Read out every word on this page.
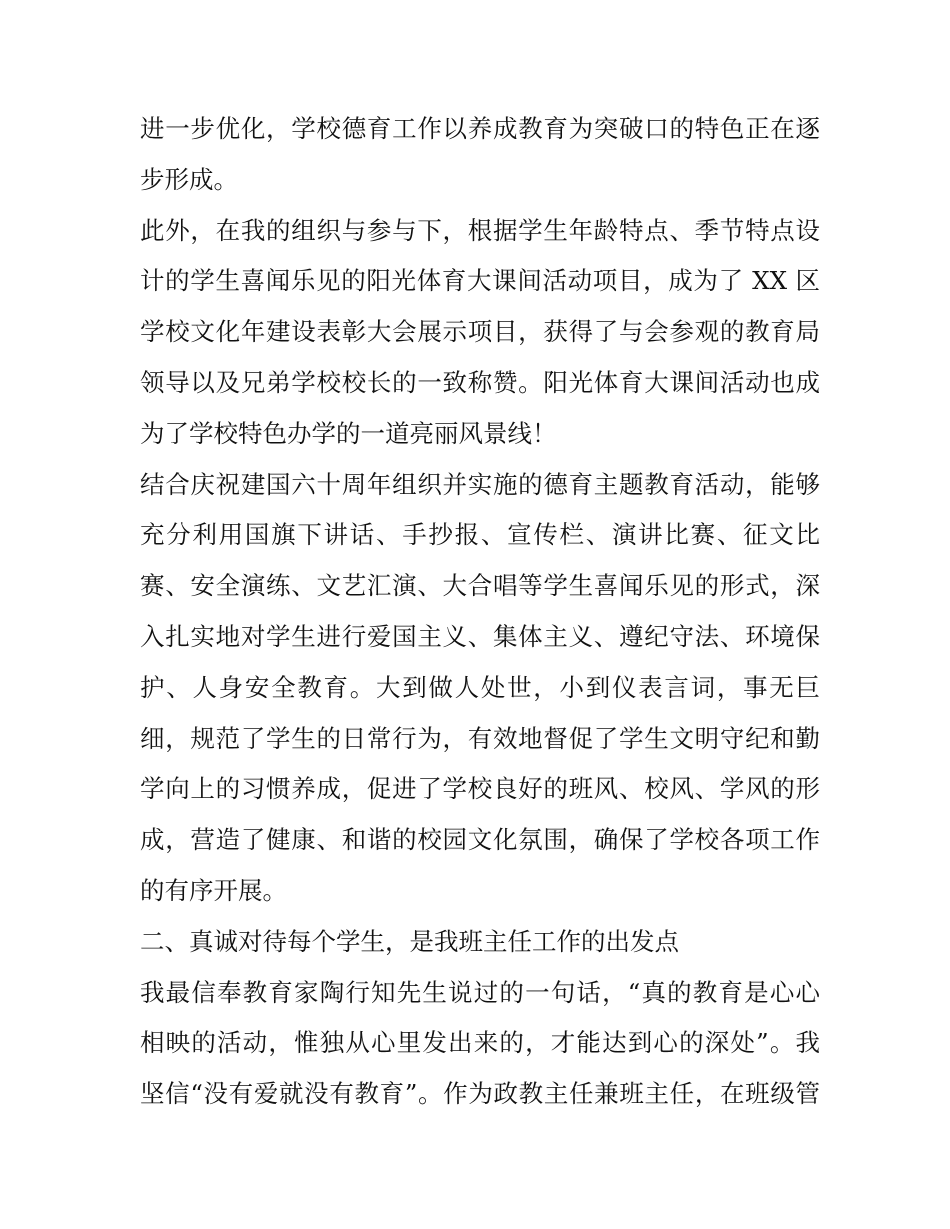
进一步优化，学校德育工作以养成教育为突破口的特色正在逐
步形成。
此外，在我的组织与参与下，根据学生年龄特点、季节特点设
计的学生喜闻乐见的阳光体育大课间活动项目，成为了 XX 区
学校文化年建设表彰大会展示项目，获得了与会参观的教育局
领导以及兄弟学校校长的一致称赞。阳光体育大课间活动也成
为了学校特色办学的一道亮丽风景线！
结合庆祝建国六十周年组织并实施的德育主题教育活动，能够
充分利用国旗下讲话、手抄报、宣传栏、演讲比赛、征文比
赛、安全演练、文艺汇演、大合唱等学生喜闻乐见的形式，深
入扎实地对学生进行爱国主义、集体主义、遵纪守法、环境保
护、人身安全教育。大到做人处世，小到仪表言词，事无巨
细，规范了学生的日常行为，有效地督促了学生文明守纪和勤
学向上的习惯养成，促进了学校良好的班风、校风、学风的形
成，营造了健康、和谐的校园文化氛围，确保了学校各项工作
的有序开展。
二、真诚对待每个学生，是我班主任工作的出发点
我最信奉教育家陶行知先生说过的一句话，“真的教育是心心
相映的活动，惟独从心里发出来的，才能达到心的深处”。我
坚信“没有爱就没有教育”。作为政教主任兼班主任，在班级管
